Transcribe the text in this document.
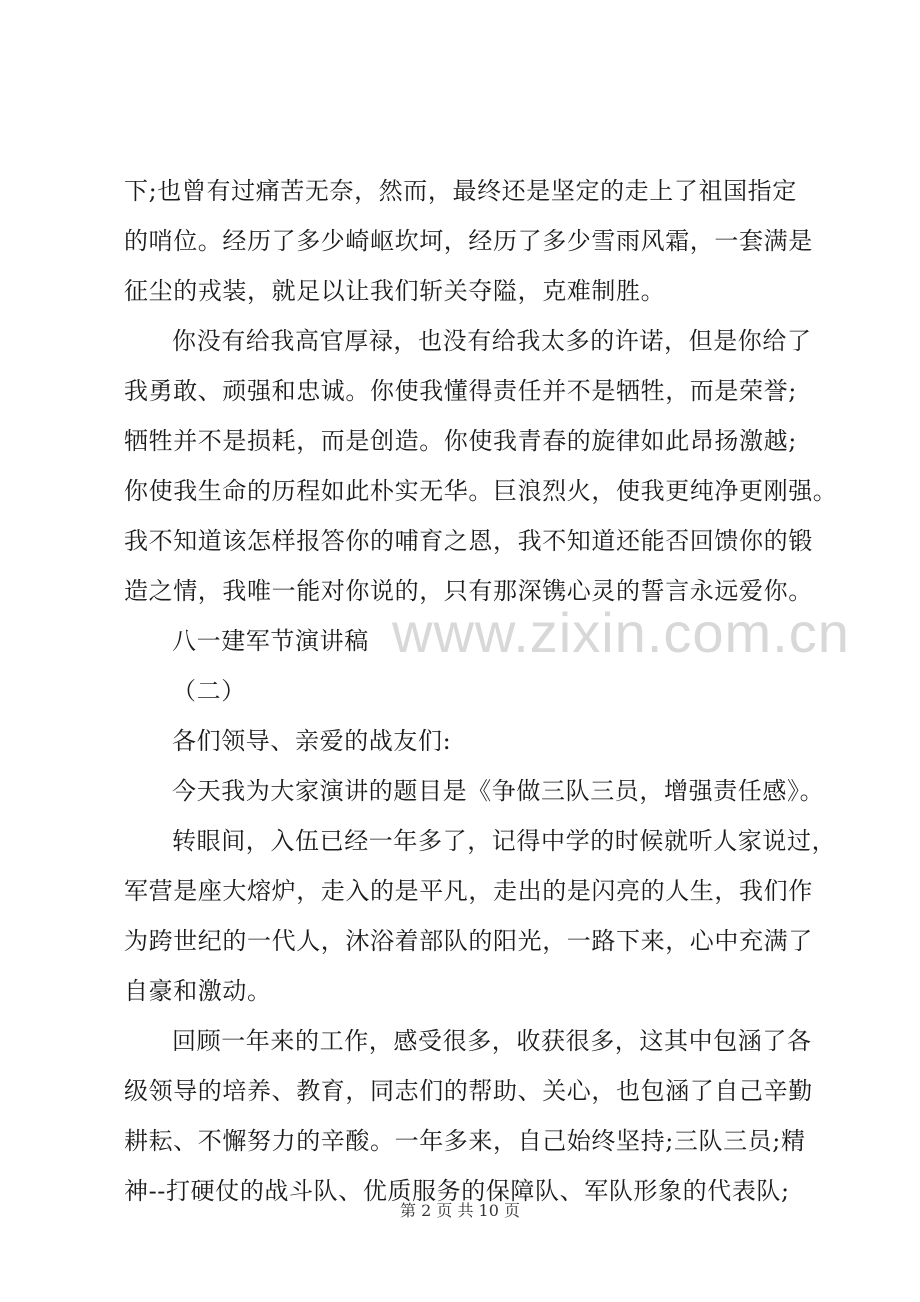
下;也曾有过痛苦无奈，然而，最终还是坚定的走上了祖国指定
的哨位。经历了多少崎岖坎坷，经历了多少雪雨风霜，一套满是
征尘的戎装，就足以让我们斩关夺隘，克难制胜。
你没有给我高官厚禄，也没有给我太多的许诺，但是你给了
我勇敢、顽强和忠诚。你使我懂得责任并不是牺牲，而是荣誉;
牺牲并不是损耗，而是创造。你使我青春的旋律如此昂扬激越;
你使我生命的历程如此朴实无华。巨浪烈火，使我更纯净更刚强。
我不知道该怎样报答你的哺育之恩，我不知道还能否回馈你的锻
造之情，我唯一能对你说的，只有那深镌心灵的誓言永远爱你。
八一建军节演讲稿
（二）
各们领导、亲爱的战友们:
今天我为大家演讲的题目是《争做三队三员，增强责任感》。
转眼间，入伍已经一年多了，记得中学的时候就听人家说过，
军营是座大熔炉，走入的是平凡，走出的是闪亮的人生，我们作
为跨世纪的一代人，沐浴着部队的阳光，一路下来，心中充满了
自豪和激动。
回顾一年来的工作，感受很多，收获很多，这其中包涵了各
级领导的培养、教育，同志们的帮助、关心，也包涵了自己辛勤
耕耘、不懈努力的辛酸。一年多来，自己始终坚持;三队三员;精
神--打硬仗的战斗队、优质服务的保障队、军队形象的代表队;
www.zixin.com.cn
第 2 页 共 10 页
